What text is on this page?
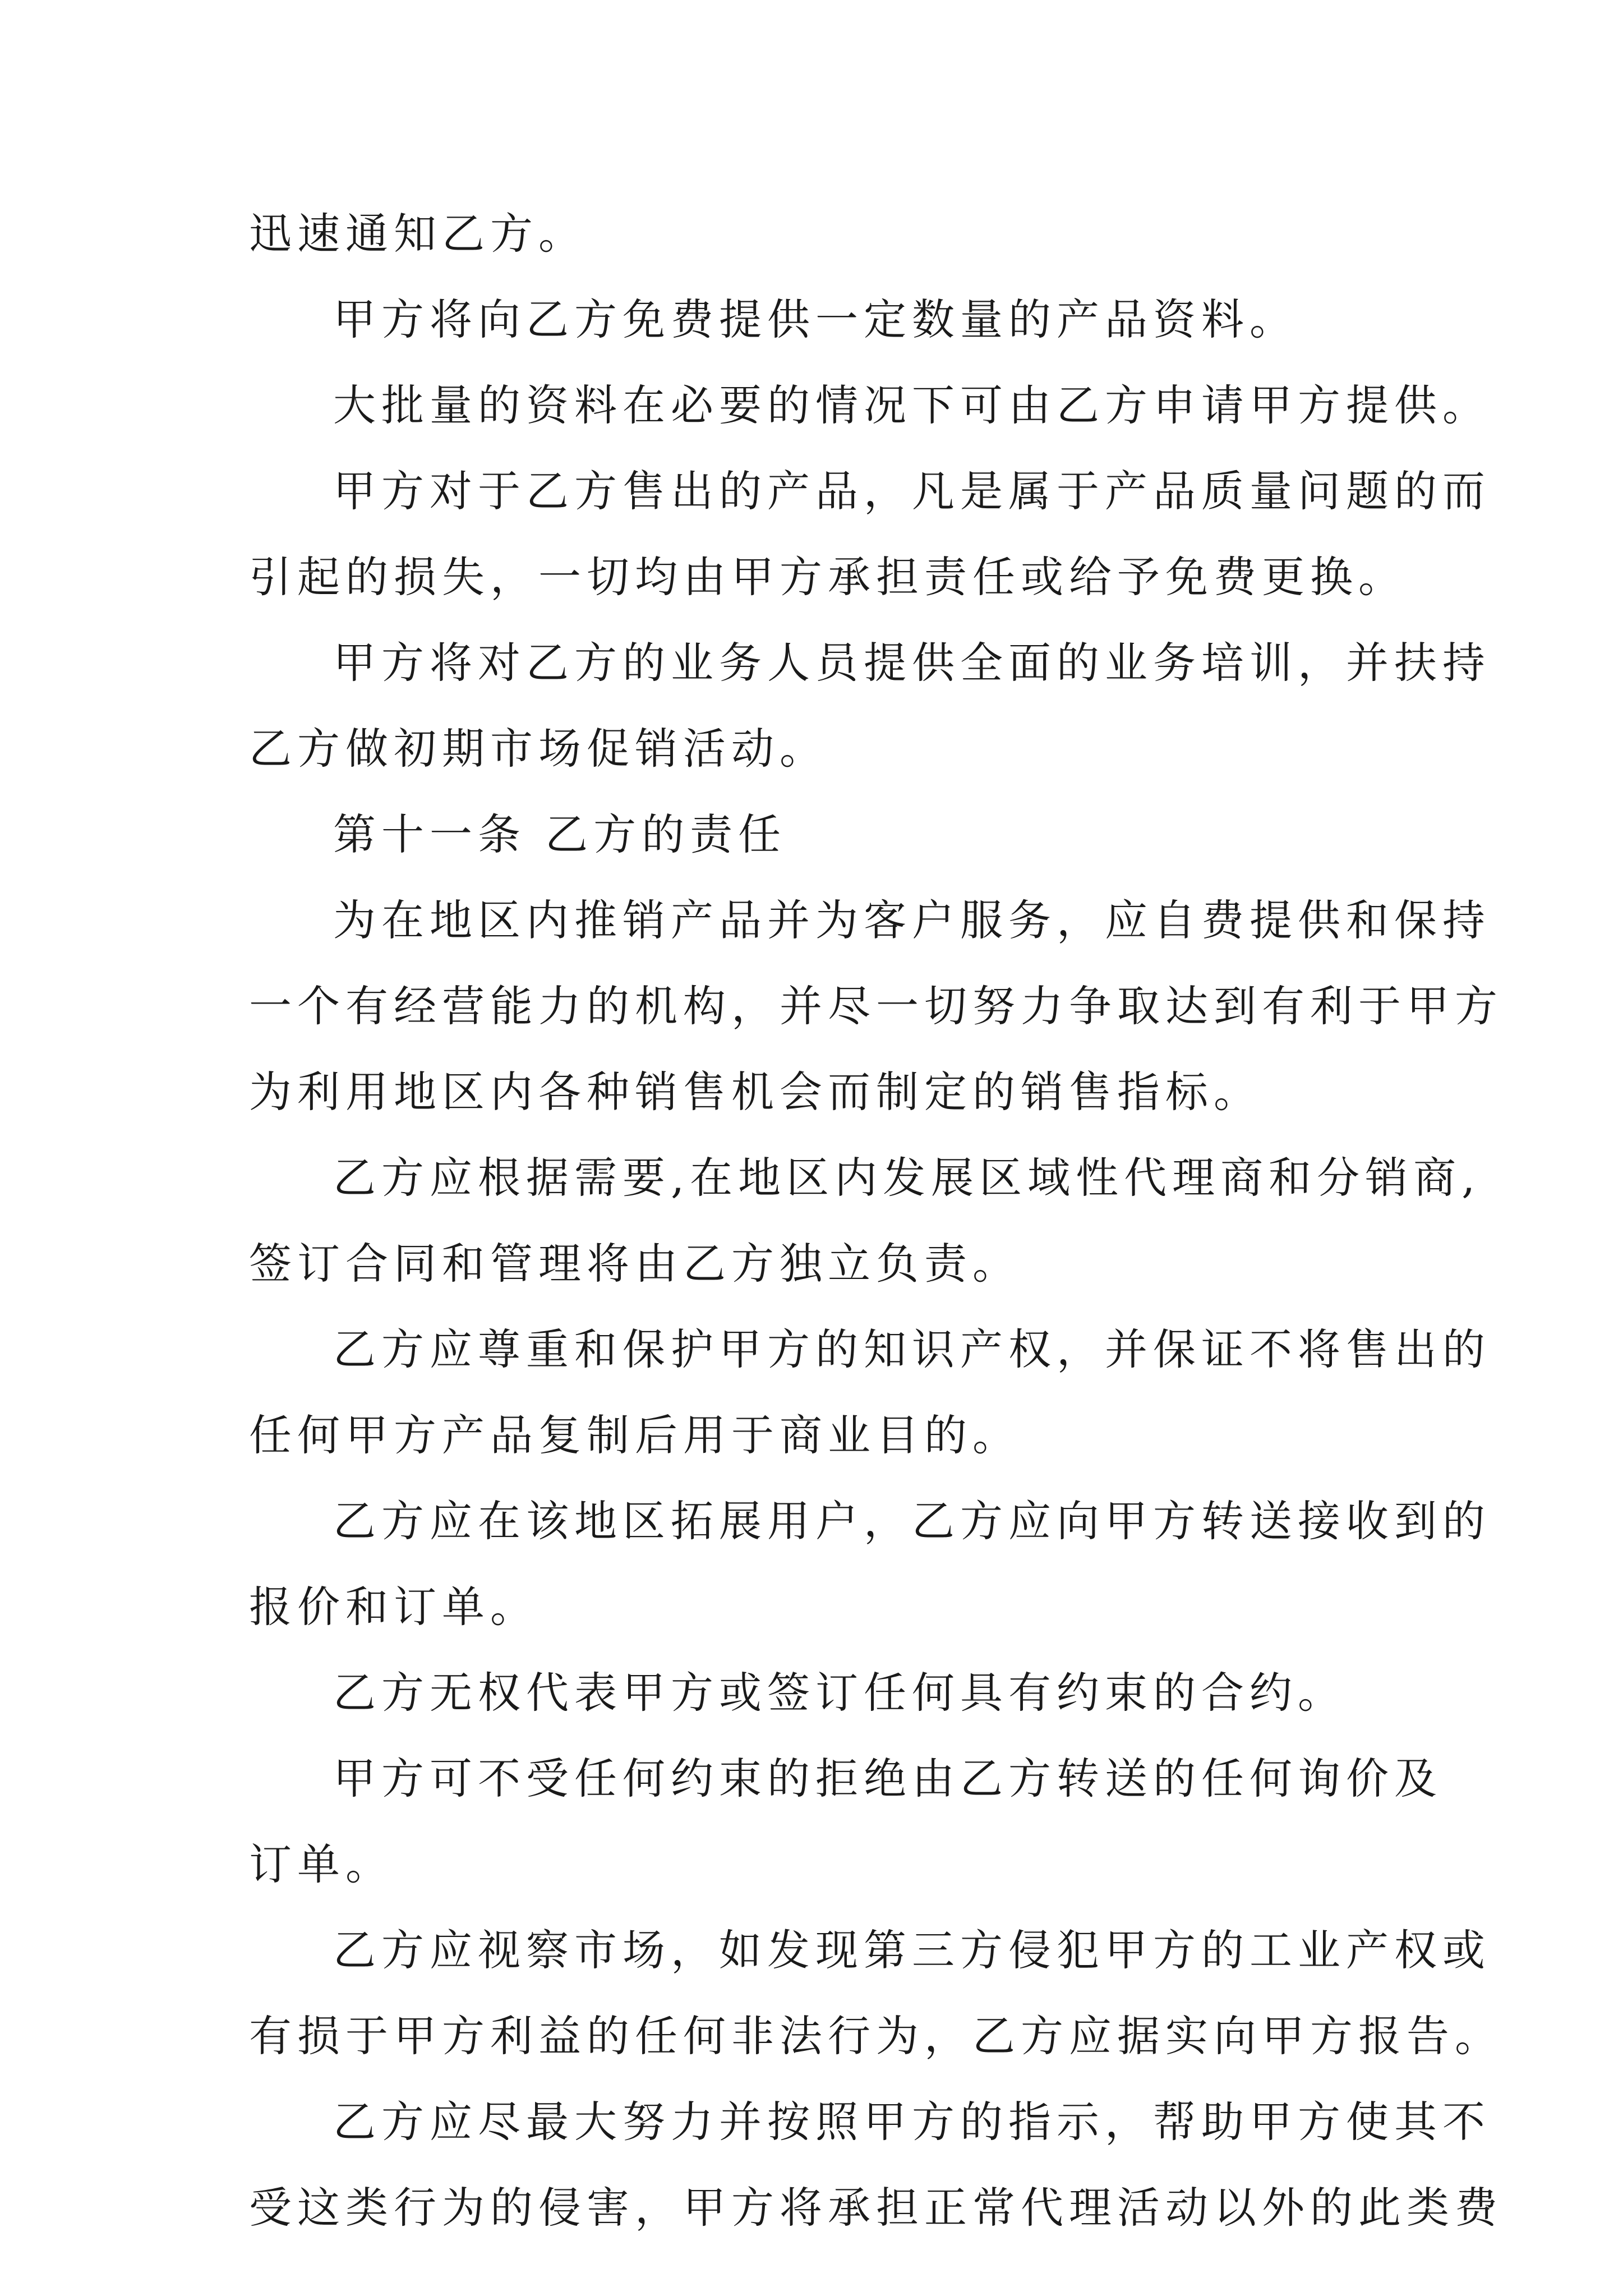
迅速通知乙方。
甲方将向乙方免费提供一定数量的产品资料。
大批量的资料在必要的情况下可由乙方申请甲方提供。
甲方对于乙方售出的产品，凡是属于产品质量问题的而
引起的损失，一切均由甲方承担责任或给予免费更换。
甲方将对乙方的业务人员提供全面的业务培训，并扶持
乙方做初期市场促销活动。
第十一条 乙方的责任
为在地区内推销产品并为客户服务，应自费提供和保持
一个有经营能力的机构，并尽一切努力争取达到有利于甲方
为利用地区内各种销售机会而制定的销售指标。
乙方应根据需要,在地区内发展区域性代理商和分销商,
签订合同和管理将由乙方独立负责。
乙方应尊重和保护甲方的知识产权，并保证不将售出的
任何甲方产品复制后用于商业目的。
乙方应在该地区拓展用户，乙方应向甲方转送接收到的
报价和订单。
乙方无权代表甲方或签订任何具有约束的合约。
甲方可不受任何约束的拒绝由乙方转送的任何询价及
订单。
乙方应视察市场，如发现第三方侵犯甲方的工业产权或
有损于甲方利益的任何非法行为，乙方应据实向甲方报告。
乙方应尽最大努力并按照甲方的指示，帮助甲方使其不
受这类行为的侵害，甲方将承担正常代理活动以外的此类费
